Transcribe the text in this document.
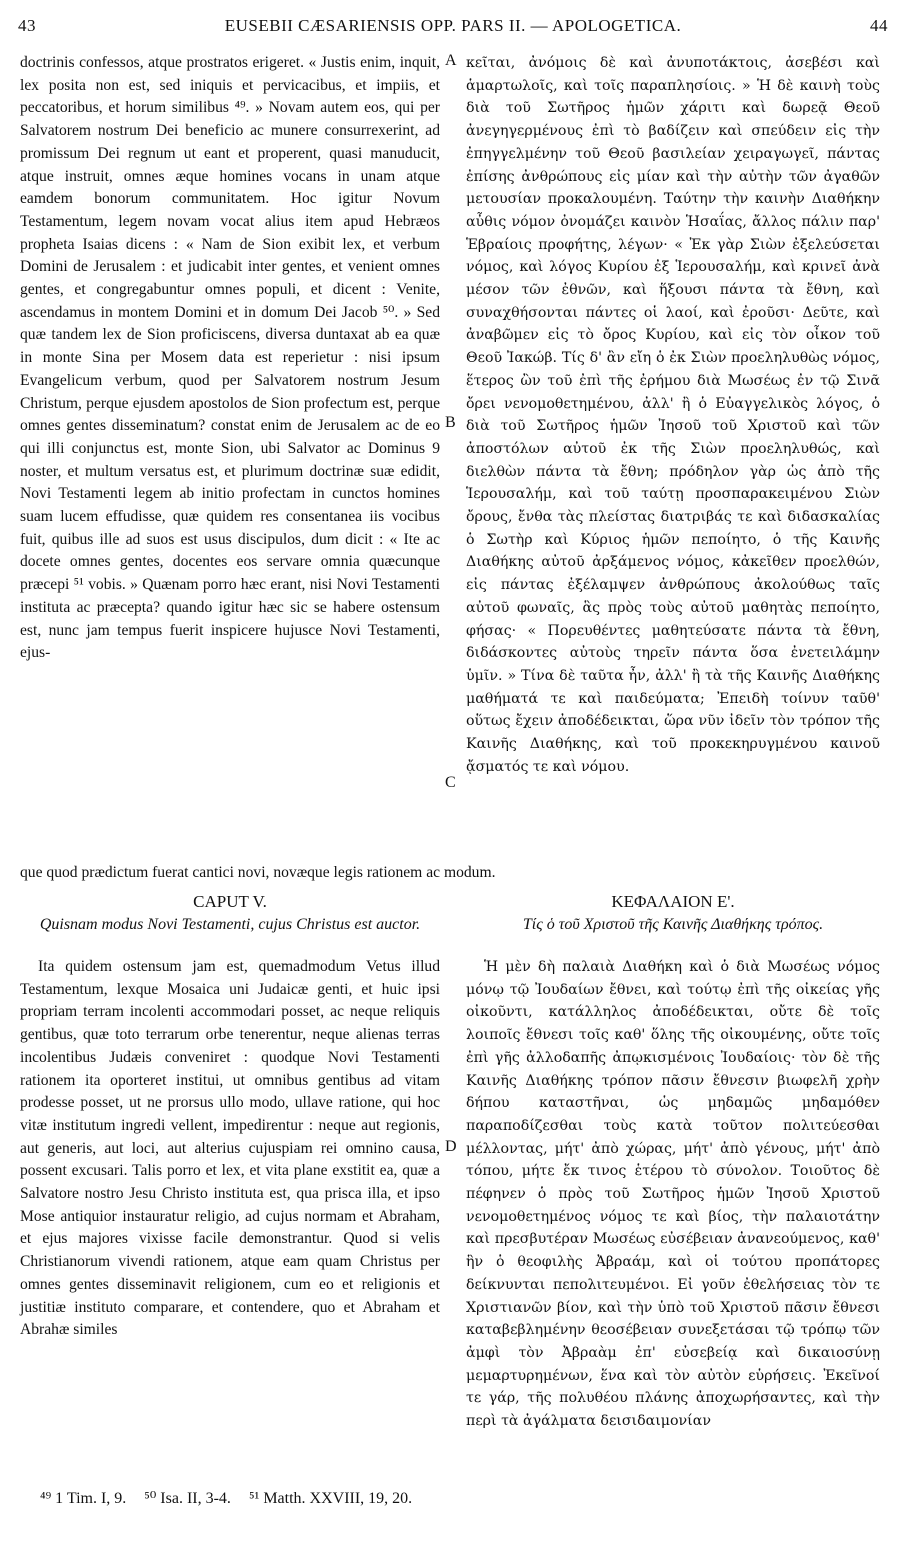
43	EUSEBII CÆSARIENSIS OPP. PARS II. — APOLOGETICA.	44

doctrinis confessos, atque prostratos erigeret. « Justis enim, inquit, lex posita non est, sed iniquis et pervicacibus, et impiis, et peccatoribus, et horum similibus ⁴⁹. » Novam autem eos, qui per Salvatorem nostrum Dei beneficio ac munere consurrexerint, ad promissum Dei regnum ut eant et properent, quasi manuducit, atque instruit, omnes æque homines vocans in unam atque eamdem bonorum communitatem. Hoc igitur Novum Testamentum, legem novam vocat alius item apud Hebræos propheta Isaias dicens : « Nam de Sion exibit lex, et verbum Domini de Jerusalem : et judicabit inter gentes, et venient omnes gentes, et congregabuntur omnes populi, et dicent : Venite, ascendamus in montem Domini et in domum Dei Jacob ⁵⁰. » Sed quæ tandem lex de Sion proficiscens, diversa duntaxat ab ea quæ in monte Sina per Mosem data est reperietur : nisi ipsum Evangelicum verbum, quod per Salvatorem nostrum Jesum Christum, perque ejusdem apostolos de Sion profectum est, perque omnes gentes disseminatum? constat enim de Jerusalem ac de eo qui illi conjunctus est, monte Sion, ubi Salvator ac Dominus 9 noster, et multum versatus est, et plurimum doctrinæ suæ edidit, Novi Testamenti legem ab initio profectam in cunctos homines suam lucem effudisse, quæ quidem res consentanea iis vocibus fuit, quibus ille ad suos est usus discipulos, dum dicit : « Ite ac docete omnes gentes, docentes eos servare omnia quæcunque præcepi ⁵¹ vobis. » Quænam porro hæc erant, nisi Novi Testamenti instituta ac præcepta? quando igitur hæc sic se habere ostensum est, nunc jam tempus fuerit inspicere hujusce Novi Testamenti, ejus-

κεῖται, ἀνόμοις δὲ καὶ ἀνυποτάκτοις, ἀσεβέσι καὶ ἁμαρτωλοῖς, καὶ τοῖς παραπλησίοις. » Ἡ δὲ καινὴ τοὺς διὰ τοῦ Σωτῆρος ἡμῶν χάριτι καὶ δωρεᾷ Θεοῦ ἀνεγηγερμένους ἐπὶ τὸ βαδίζειν καὶ σπεύδειν εἰς τὴν ἐπηγγελμένην τοῦ Θεοῦ βασιλείαν χειραγωγεῖ, πάντας ἐπίσης ἀνθρώπους εἰς μίαν καὶ τὴν αὐτὴν τῶν ἀγαθῶν μετουσίαν προκαλουμένη. Ταύτην τὴν καινὴν Διαθήκην αὖθις νόμον ὀνομάζει καινὸν Ἡσαΐας, ἄλλος πάλιν παρ' Ἑβραίοις προφήτης, λέγων· « Ἐκ γὰρ Σιὼν ἐξελεύσεται νόμος, καὶ λόγος Κυρίου ἐξ Ἱερουσαλήμ, καὶ κρινεῖ ἀνὰ μέσον τῶν ἐθνῶν, καὶ ἥξουσι πάντα τὰ ἔθνη, καὶ συναχθήσονται πάντες οἱ λαοί, καὶ ἐροῦσι· Δεῦτε, καὶ ἀναβῶμεν εἰς τὸ ὄρος Κυρίου, καὶ εἰς τὸν οἶκον τοῦ Θεοῦ Ἰακώβ. Τίς δ' ἂν εἴη ὁ ἐκ Σιὼν προεληλυθὼς νόμος, ἕτερος ὢν τοῦ ἐπὶ τῆς ἐρήμου διὰ Μωσέως ἐν τῷ Σινᾶ ὄρει νενομοθετημένου, ἀλλ' ἢ ὁ Εὐαγγελικὸς λόγος, ὁ διὰ τοῦ Σωτῆρος ἡμῶν Ἰησοῦ τοῦ Χριστοῦ καὶ τῶν ἀποστόλων αὐτοῦ ἐκ τῆς Σιὼν προεληλυθώς, καὶ διελθὼν πάντα τὰ ἔθνη; πρόδηλον γὰρ ὡς ἀπὸ τῆς Ἱερουσαλήμ, καὶ τοῦ ταύτῃ προσπαρακειμένου Σιὼν ὄρους, ἔνθα τὰς πλείστας διατριβάς τε καὶ διδασκαλίας ὁ Σωτὴρ καὶ Κύριος ἡμῶν πεποίητο, ὁ τῆς Καινῆς Διαθήκης αὐτοῦ ἀρξάμενος νόμος, κἀκεῖθεν προελθών, εἰς πάντας ἐξέλαμψεν ἀνθρώπους ἀκολούθως ταῖς αὐτοῦ φωναῖς, ἃς πρὸς τοὺς αὐτοῦ μαθητὰς πεποίητο, φήσας· « Πορευθέντες μαθητεύσατε πάντα τὰ ἔθνη, διδάσκοντες αὐτοὺς τηρεῖν πάντα ὅσα ἐνετειλάμην ὑμῖν. » Τίνα δὲ ταῦτα ἦν, ἀλλ' ἢ τὰ τῆς Καινῆς Διαθήκης μαθήματά τε καὶ παιδεύματα; Ἐπειδὴ τοίνυν ταῦθ' οὕτως ἔχειν ἀποδέδεικται, ὥρα νῦν ἰδεῖν τὸν τρόπον τῆς Καινῆς Διαθήκης, καὶ τοῦ προκεκηρυγμένου καινοῦ ᾄσματός τε καὶ νόμου.

A
B
C
D
que quod prædictum fuerat cantici novi, novæque legis rationem ac modum.
CAPUT V.
Quisnam modus Novi Testamenti, cujus Christus est auctor.
ΚΕΦΑΛΑΙΟΝ Ε'.
Τίς ὁ τοῦ Χριστοῦ τῆς Καινῆς Διαθήκης τρόπος.

Ita quidem ostensum jam est, quemadmodum Vetus illud Testamentum, lexque Mosaica uni Judaicæ genti, et huic ipsi propriam terram incolenti accommodari posset, ac neque reliquis gentibus, quæ toto terrarum orbe tenerentur, neque alienas terras incolentibus Judæis conveniret : quodque Novi Testamenti rationem ita oporteret institui, ut omnibus gentibus ad vitam prodesse posset, ut ne prorsus ullo modo, ullave ratione, qui hoc vitæ institutum ingredi vellent, impedirentur : neque aut regionis, aut generis, aut loci, aut alterius cujuspiam rei omnino causa, possent excusari. Talis porro et lex, et vita plane exstitit ea, quæ a Salvatore nostro Jesu Christo instituta est, qua prisca illa, et ipso Mose antiquior instauratur religio, ad cujus normam et Abraham, et ejus majores vixisse facile demonstrantur. Quod si velis Christianorum vivendi rationem, atque eam quam Christus per omnes gentes disseminavit religionem, cum eo et religionis et justitiæ instituto comparare, et contendere, quo et Abraham et Abrahæ similes

Ἡ μὲν δὴ παλαιὰ Διαθήκη καὶ ὁ διὰ Μωσέως νόμος μόνῳ τῷ Ἰουδαίων ἔθνει, καὶ τούτῳ ἐπὶ τῆς οἰκείας γῆς οἰκοῦντι, κατάλληλος ἀποδέδεικται, οὔτε δὲ τοῖς λοιποῖς ἔθνεσι τοῖς καθ' ὅλης τῆς οἰκουμένης, οὔτε τοῖς ἐπὶ γῆς ἀλλοδαπῆς ἀπῳκισμένοις Ἰουδαίοις· τὸν δὲ τῆς Καινῆς Διαθήκης τρόπον πᾶσιν ἔθνεσιν βιωφελῆ χρὴν δήπου καταστῆναι, ὡς μηδαμῶς μηδαμόθεν παραποδίζεσθαι τοὺς κατὰ τοῦτον πολιτεύεσθαι μέλλοντας, μήτ' ἀπὸ χώρας, μήτ' ἀπὸ γένους, μήτ' ἀπὸ τόπου, μήτε ἔκ τινος ἑτέρου τὸ σύνολον. Τοιοῦτος δὲ πέφηνεν ὁ πρὸς τοῦ Σωτῆρος ἡμῶν Ἰησοῦ Χριστοῦ νενομοθετημένος νόμος τε καὶ βίος, τὴν παλαιοτάτην καὶ πρεσβυτέραν Μωσέως εὐσέβειαν ἀνανεούμενος, καθ' ἣν ὁ θεοφιλὴς Ἀβραάμ, καὶ οἱ τούτου προπάτορες δείκνυνται πεπολιτευμένοι. Εἰ γοῦν ἐθελήσειας τὸν τε Χριστιανῶν βίον, καὶ τὴν ὑπὸ τοῦ Χριστοῦ πᾶσιν ἔθνεσι καταβεβλημένην θεοσέβειαν συνεξετάσαι τῷ τρόπῳ τῶν ἀμφὶ τὸν Ἀβραὰμ ἐπ' εὐσεβείᾳ καὶ δικαιοσύνῃ μεμαρτυρημένων, ἕνα καὶ τὸν αὐτὸν εὑρήσεις. Ἐκεῖνοί τε γάρ, τῆς πολυθέου πλάνης ἀποχωρήσαντες, καὶ τὴν περὶ τὰ ἀγάλματα δεισιδαιμονίαν

⁴⁹ 1 Tim. I, 9. ⁵⁰ Isa. II, 3-4. ⁵¹ Matth. XXVIII, 19, 20.
